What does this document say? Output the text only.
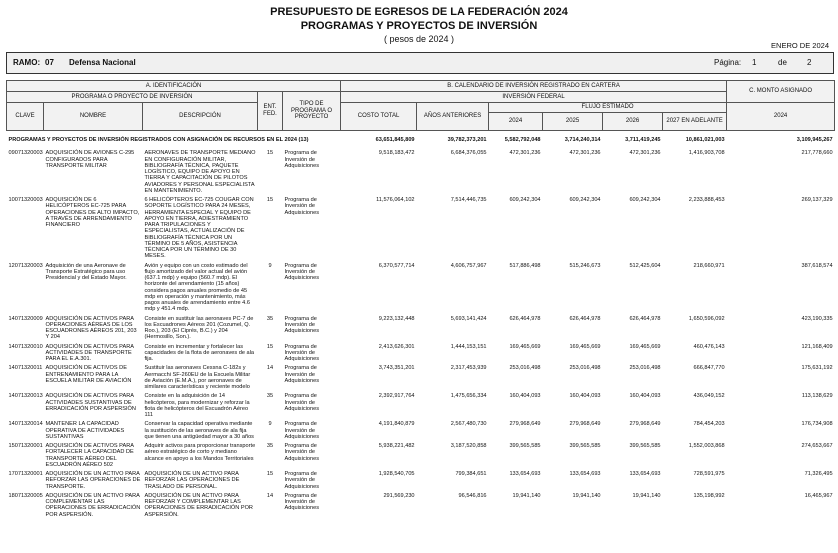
PRESUPUESTO DE EGRESOS DE LA FEDERACIÓN 2024
PROGRAMAS Y PROYECTOS DE INVERSIÓN
( pesos de 2024 )
ENERO DE 2024
RAMO: 07 Defensa Nacional	Página: 1	de	2
A. IDENTIFICACIÓN					B. CALENDARIO DE INVERSIÓN REGISTRADO EN CARTERA						C. MONTO ASIGNADO
PROGRAMA O PROYECTO DE INVERSIÓN			ENT. FED.	TIPO DE PROGRAMA O PROYECTO	INVERSIÓN FEDERAL						
CLAVE	NOMBRE	DESCRIPCIÓN			COSTO TOTAL	AÑOS ANTERIORES	FLUJO ESTIMADO				2024
							2024	2025	2026	2027 EN ADELANTE	
PROGRAMAS Y PROYECTOS DE INVERSIÓN REGISTRADOS CON ASIGNACIÓN DE RECURSOS EN EL 2024 (13)					63,651,845,809	39,782,373,201	5,582,792,048	3,714,240,314	3,711,419,245	10,861,021,003	3,109,945,267
09071320003	ADQUISICIÓN DE AVIONES C-295 CONFIGURADOS PARA TRANSPORTE MILITAR	AERONAVES DE TRANSPORTE MEDIANO EN CONFIGURACIÓN MILITAR, BIBLIOGRAFÍA TÉCNICA, PAQUETE LOGÍSTICO, EQUIPO DE APOYO EN TIERRA Y CAPACITACIÓN DE PILOTOS AVIADORES Y PERSONAL ESPECIALISTA EN MANTENIMIENTO.	15	Programa de Inversión de Adquisiciones	9,518,183,472	6,684,376,055	472,301,236	472,301,236	472,301,236	1,416,903,708	217,778,660
10071320003	ADQUISICIÓN DE 6 HELICÓPTEROS EC-725 PARA OPERACIONES DE ALTO IMPACTO, A TRAVÉS DE ARRENDAMIENTO FINANCIERO	6 HELICÓPTEROS EC-725 COUGAR CON SOPORTE LOGÍSTICO PARA 24 MESES, HERRAMIENTA ESPECIAL Y EQUIPO DE APOYO EN TIERRA, ADIESTRAMIENTO PARA TRIPULACIONES Y ESPECIALISTAS, ACTUALIZACIÓN DE BIBLIOGRAFÍA TÉCNICA POR UN TÉRMINO DE 5 AÑOS, ASISTENCIA TÉCNICA POR UN TÉRMINO DE 30 MESES.	15	Programa de Inversión de Adquisiciones	11,576,064,102	7,514,446,735	609,242,304	609,242,304	609,242,304	2,233,888,453	269,137,329
12071320003	Adquisición de una Aeronave de Transporte Estratégico para uso Presidencial y del Estado Mayor.	Avión y equipo con un costo estimado del flujo amortizado del valor actual del avión (637.1 mdp) y equipo (560.7 mdp). El horizonte del arrendamiento (15 años) considera pagos anuales promedio de 45 mdp en operación y mantenimiento, más pagos anuales de arrendamiento entre 4.6 mdp y 451.4 mdp.	9	Programa de Inversión de Adquisiciones	6,370,577,714	4,606,757,967	517,886,498	515,246,673	512,425,604	218,660,971	387,618,574
14071320009	ADQUISICIÓN DE ACTIVOS PARA OPERACIONES AÉREAS DE LOS ESCUADRONES AÉREOS 201, 203 Y 204	Consiste en sustituir las aeronaves PC-7 de los Escuadrones Aéreos 201 (Cozumel, Q. Roo.), 203 (El Ciprés, B.C.) y 204 (Hermosillo, Son.).	35	Programa de Inversión de Adquisiciones	9,223,132,448	5,693,141,424	626,464,978	626,464,978	626,464,978	1,650,596,092	423,190,335
14071320010	ADQUISICIÓN DE ACTIVOS PARA ACTIVIDADES DE TRANSPORTE PARA EL E.A.301.	Consiste en incrementar y fortalecer las capacidades de la flota de aeronaves de ala fija.	15	Programa de Inversión de Adquisiciones	2,413,626,301	1,444,153,151	169,465,669	169,465,669	169,465,669	460,476,143	121,168,409
14071320011	ADQUISICIÓN DE ACTIVOS DE ENTRENAMIENTO PARA LA ESCUELA MILITAR DE AVIACIÓN	Sustituir las aeronaves Cessna C-182s y Aermacchi SF-260EU de la Escuela Militar de Aviación (E.M.A.), por aeronaves de similares características y reciente modelo	14	Programa de Inversión de Adquisiciones	3,743,351,201	2,317,453,939	253,016,498	253,016,498	253,016,498	666,847,770	175,631,192
14071320013	ADQUISICIÓN DE ACTIVOS PARA ACTIVIDADES SUSTANTIVAS DE ERRADICACIÓN POR ASPERSIÓN	Consiste en la adquisición de 14 helicópteros, para modernizar y reforzar la flota de helicópteros del Escuadrón Aéreo 111	35	Programa de Inversión de Adquisiciones	2,392,917,764	1,475,656,334	160,404,093	160,404,093	160,404,093	436,049,152	113,138,629
14071320014	MANTENER LA CAPACIDAD OPERATIVA DE ACTIVIDADES SUSTANTIVAS	Conservar la capacidad operativa mediante la sustitución de las aeronaves de ala fija que tienen una antigüedad mayor a 30 años	9	Programa de Inversión de Adquisiciones	4,191,840,879	2,567,480,730	279,968,649	279,968,649	279,968,649	784,454,203	176,734,908
15071320001	ADQUISICIÓN DE ACTIVOS PARA FORTALECER LA CAPACIDAD DE TRANSPORTE AÉREO DEL ESCUADRÓN AÉREO 502	Adquirir activos para proporcionar transporte aéreo estratégico de corto y mediano alcance en apoyo a los Mandos Territoriales	35	Programa de Inversión de Adquisiciones	5,938,221,482	3,187,520,858	399,565,585	399,565,585	399,565,585	1,552,003,868	274,653,667
17071320001	ADQUISICIÓN DE UN ACTIVO PARA REFORZAR LAS OPERACIONES DE TRANSPORTE.	ADQUISICIÓN DE UN ACTIVO PARA REFORZAR LAS OPERACIONES DE TRASLADO DE PERSONAL.	15	Programa de Inversión de Adquisiciones	1,928,540,705	799,384,651	133,654,693	133,654,693	133,654,693	728,591,975	71,326,495
18071320005	ADQUISICIÓN DE UN ACTIVO PARA COMPLEMENTAR LAS OPERACIONES DE ERRADICACIÓN POR ASPERSIÓN.	ADQUISICIÓN DE UN ACTIVO PARA REFORZAR Y COMPLEMENTAR LAS OPERACIONES DE ERRADICACIÓN POR ASPERSIÓN.	14	Programa de Inversión de Adquisiciones	291,569,230	96,546,816	19,941,140	19,941,140	19,941,140	135,198,992	16,465,967
